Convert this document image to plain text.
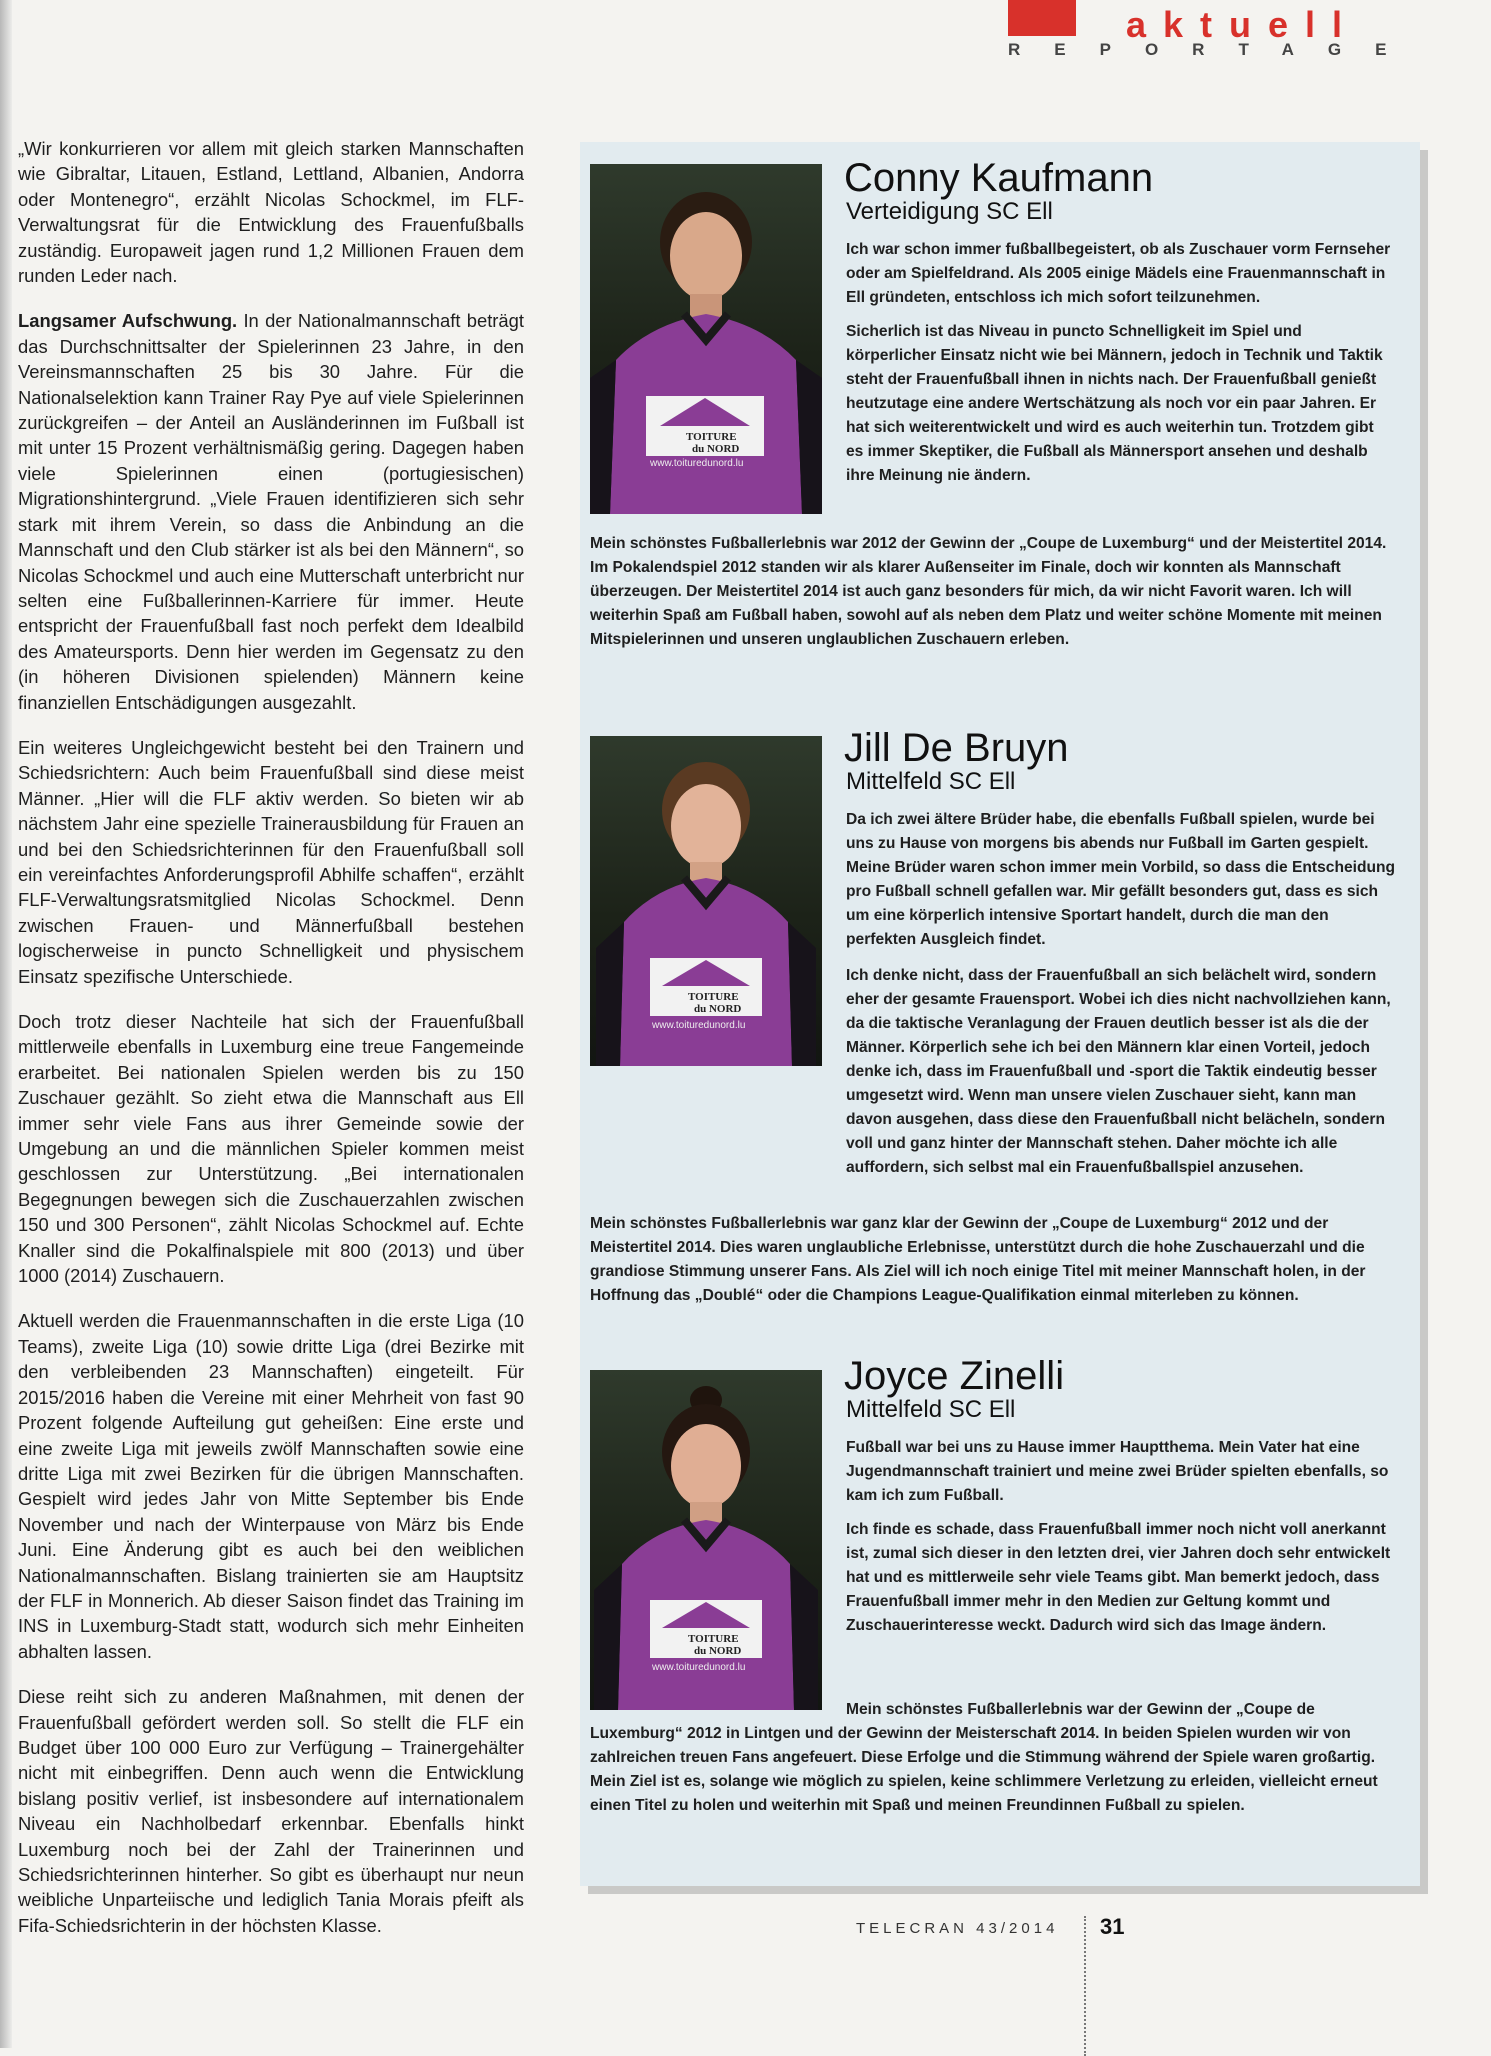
aktuell
REPORTAGE

„Wir konkurrieren vor allem mit gleich starken Mannschaften wie Gibraltar, Litauen, Estland, Lettland, Albanien, Andorra oder Montenegro“, erzählt Nicolas Schockmel, im FLF-Verwaltungsrat für die Entwicklung des Frauenfußballs zuständig. Europaweit jagen rund 1,2 Millionen Frauen dem runden Leder nach.

Langsamer Aufschwung. In der Nationalmannschaft beträgt das Durchschnittsalter der Spielerinnen 23 Jahre, in den Vereinsmannschaften 25 bis 30 Jahre. Für die Nationalselektion kann Trainer Ray Pye auf viele Spielerinnen zurückgreifen – der Anteil an Ausländerinnen im Fußball ist mit unter 15 Prozent verhältnismäßig gering. Dagegen haben viele Spielerinnen einen (portugiesischen) Migrationshintergrund. „Viele Frauen identifizieren sich sehr stark mit ihrem Verein, so dass die Anbindung an die Mannschaft und den Club stärker ist als bei den Männern“, so Nicolas Schockmel und auch eine Mutterschaft unterbricht nur selten eine Fußballerinnen-Karriere für immer. Heute entspricht der Frauenfußball fast noch perfekt dem Idealbild des Amateursports. Denn hier werden im Gegensatz zu den (in höheren Divisionen spielenden) Männern keine finanziellen Entschädigungen ausgezahlt.

Ein weiteres Ungleichgewicht besteht bei den Trainern und Schiedsrichtern: Auch beim Frauenfußball sind diese meist Männer. „Hier will die FLF aktiv werden. So bieten wir ab nächstem Jahr eine spezielle Trainerausbildung für Frauen an und bei den Schiedsrichterinnen für den Frauenfußball soll ein vereinfachtes Anforderungsprofil Abhilfe schaffen“, erzählt FLF-Verwaltungsratsmitglied Nicolas Schockmel. Denn zwischen Frauen- und Männerfußball bestehen logischerweise in puncto Schnelligkeit und physischem Einsatz spezifische Unterschiede.

Doch trotz dieser Nachteile hat sich der Frauenfußball mittlerweile ebenfalls in Luxemburg eine treue Fangemeinde erarbeitet. Bei nationalen Spielen werden bis zu 150 Zuschauer gezählt. So zieht etwa die Mannschaft aus Ell immer sehr viele Fans aus ihrer Gemeinde sowie der Umgebung an und die männlichen Spieler kommen meist geschlossen zur Unterstützung. „Bei internationalen Begegnungen bewegen sich die Zuschauerzahlen zwischen 150 und 300 Personen“, zählt Nicolas Schockmel auf. Echte Knaller sind die Pokalfinalspiele mit 800 (2013) und über 1000 (2014) Zuschauern.

Aktuell werden die Frauenmannschaften in die erste Liga (10 Teams), zweite Liga (10) sowie dritte Liga (drei Bezirke mit den verbleibenden 23 Mannschaften) eingeteilt. Für 2015/2016 haben die Vereine mit einer Mehrheit von fast 90 Prozent folgende Aufteilung gut geheißen: Eine erste und eine zweite Liga mit jeweils zwölf Mannschaften sowie eine dritte Liga mit zwei Bezirken für die übrigen Mannschaften. Gespielt wird jedes Jahr von Mitte September bis Ende November und nach der Winterpause von März bis Ende Juni. Eine Änderung gibt es auch bei den weiblichen Nationalmannschaften. Bislang trainierten sie am Hauptsitz der FLF in Monnerich. Ab dieser Saison findet das Training im INS in Luxemburg-Stadt statt, wodurch sich mehr Einheiten abhalten lassen.

Diese reiht sich zu anderen Maßnahmen, mit denen der Frauenfußball gefördert werden soll. So stellt die FLF ein Budget über 100 000 Euro zur Verfügung – Trainergehälter nicht mit einbegriffen. Denn auch wenn die Entwicklung bislang positiv verlief, ist insbesondere auf internationalem Niveau ein Nachholbedarf erkennbar. Ebenfalls hinkt Luxemburg noch bei der Zahl der Trainerinnen und Schiedsrichterinnen hinterher. So gibt es überhaupt nur neun weibliche Unparteiische und lediglich Tania Morais pfeift als Fifa-Schiedsrichterin in der höchsten Klasse.

www.toituredunord.lu
TOITURE
du NORD
Conny Kaufmann
Verteidigung SC Ell

Ich war schon immer fußballbegeistert, ob als Zuschauer vorm Fernseher oder am Spielfeldrand. Als 2005 einige Mädels eine Frauenmannschaft in Ell gründeten, entschloss ich mich sofort teilzunehmen.

Sicherlich ist das Niveau in puncto Schnelligkeit im Spiel und körperlicher Einsatz nicht wie bei Männern, jedoch in Technik und Taktik steht der Frauenfußball ihnen in nichts nach. Der Frauenfußball genießt heutzutage eine andere Wertschätzung als noch vor ein paar Jahren. Er hat sich weiterentwickelt und wird es auch weiterhin tun. Trotzdem gibt es immer Skeptiker, die Fußball als Männersport ansehen und deshalb ihre Meinung nie ändern.

Mein schönstes Fußballerlebnis war 2012 der Gewinn der „Coupe de Luxemburg“ und der Meistertitel 2014. Im Pokalendspiel 2012 standen wir als klarer Außenseiter im Finale, doch wir konnten als Mannschaft überzeugen. Der Meistertitel 2014 ist auch ganz besonders für mich, da wir nicht Favorit waren. Ich will weiterhin Spaß am Fußball haben, sowohl auf als neben dem Platz und weiter schöne Momente mit meinen Mitspielerinnen und unseren unglaublichen Zuschauern erleben.

www.toituredunord.lu
TOITURE
du NORD
Jill De Bruyn
Mittelfeld SC Ell

Da ich zwei ältere Brüder habe, die ebenfalls Fußball spielen, wurde bei uns zu Hause von morgens bis abends nur Fußball im Garten gespielt. Meine Brüder waren schon immer mein Vorbild, so dass die Entscheidung pro Fußball schnell gefallen war. Mir gefällt besonders gut, dass es sich um eine körperlich intensive Sportart handelt, durch die man den perfekten Ausgleich findet.

Ich denke nicht, dass der Frauenfußball an sich belächelt wird, sondern eher der gesamte Frauensport. Wobei ich dies nicht nachvollziehen kann, da die taktische Veranlagung der Frauen deutlich besser ist als die der Männer. Körperlich sehe ich bei den Männern klar einen Vorteil, jedoch denke ich, dass im Frauenfußball und -sport die Taktik eindeutig besser umgesetzt wird. Wenn man unsere vielen Zuschauer sieht, kann man davon ausgehen, dass diese den Frauenfußball nicht belächeln, sondern voll und ganz hinter der Mannschaft stehen. Daher möchte ich alle auffordern, sich selbst mal ein Frauenfußballspiel anzusehen.

Mein schönstes Fußballerlebnis war ganz klar der Gewinn der „Coupe de Luxemburg“ 2012 und der Meistertitel 2014. Dies waren unglaubliche Erlebnisse, unterstützt durch die hohe Zuschauerzahl und die grandiose Stimmung unserer Fans. Als Ziel will ich noch einige Titel mit meiner Mannschaft holen, in der Hoffnung das „Doublé“ oder die Champions League-Qualifikation einmal miterleben zu können.

www.toituredunord.lu
TOITURE
du NORD
Joyce Zinelli
Mittelfeld SC Ell

Fußball war bei uns zu Hause immer Hauptthema. Mein Vater hat eine Jugendmannschaft trainiert und meine zwei Brüder spielten ebenfalls, so kam ich zum Fußball.

Ich finde es schade, dass Frauenfußball immer noch nicht voll anerkannt ist, zumal sich dieser in den letzten drei, vier Jahren doch sehr entwickelt hat und es mittlerweile sehr viele Teams gibt. Man bemerkt jedoch, dass Frauenfußball immer mehr in den Medien zur Geltung kommt und Zuschauerinteresse weckt. Dadurch wird sich das Image ändern.

Mein schönstes Fußballerlebnis war der Gewinn der „Coupe de Luxemburg“ 2012 in Lintgen und der Gewinn der Meisterschaft 2014. In beiden Spielen wurden wir von zahlreichen treuen Fans angefeuert. Diese Erfolge und die Stimmung während der Spiele waren großartig. Mein Ziel ist es, solange wie möglich zu spielen, keine schlimmere Verletzung zu erleiden, vielleicht erneut einen Titel zu holen und weiterhin mit Spaß und meinen Freundinnen Fußball zu spielen.

TELECRAN 43/2014 31
